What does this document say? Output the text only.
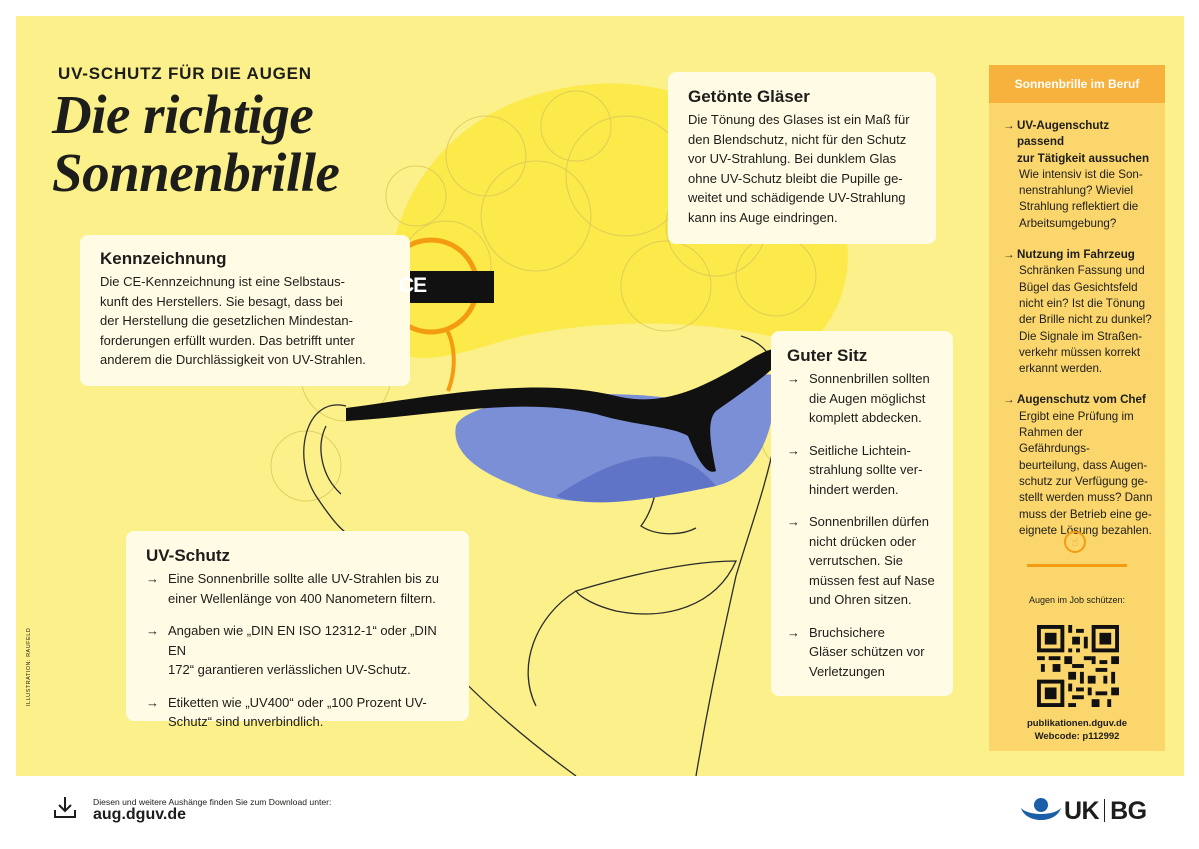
UV-SCHUTZ FÜR DIE AUGEN

Die richtige
Sonnenbrille
Getönte Gläser

Die Tönung des Glases ist ein Maß für
den Blendschutz, nicht für den Schutz
vor UV-Strahlung. Bei dunklem Glas
ohne UV-Schutz bleibt die Pupille ge-
weitet und schädigende UV-Strahlung
kann ins Auge eindringen.

Kennzeichnung

Die CE-Kennzeichnung ist eine Selbstaus-
kunft des Herstellers. Sie besagt, dass bei
der Herstellung die gesetzlichen Mindestan-
forderungen erfüllt wurden. Das betrifft unter
anderem die Durchlässigkeit von UV-Strahlen.	Guter Sitz
→ Sonnenbrillen sollten
die Augen möglichst
komplett abdecken.
→ Seitliche Lichtein-
strahlung sollte ver-
hindert werden.
→ Sonnenbrillen dürfen
nicht drücken oder
verrutschen. Sie
müssen fest auf Nase
und Ohren sitzen.
→ Bruchsichere
Gläser schützen vor
Verletzungen
UV-Schutz
→ Eine Sonnenbrille sollte alle UV-Strahlen bis zu
einer Wellenlänge von 400 Nanometern filtern.
→ Angaben wie „DIN EN ISO 12312-1“ oder „DIN EN
172“ garantieren verlässlichen UV-Schutz.
→ Etiketten wie „UV400“ oder „100 Prozent UV-
Schutz“ sind unverbindlich.
Sonnenbrille im Beruf
→ UV-Augenschutz passend
zur Tätigkeit aussuchen
Wie intensiv ist die Son-
nenstrahlung? Wieviel
Strahlung reflektiert die
Arbeitsumgebung?
→ Nutzung im Fahrzeug
Schränken Fassung und
Bügel das Gesichtsfeld
nicht ein? Ist die Tönung
der Brille nicht zu dunkel?
Die Signale im Straßen-
verkehr müssen korrekt
erkannt werden.
→ Augenschutz vom Chef
Ergibt eine Prüfung im
Rahmen der Gefährdungs-
beurteilung, dass Augen-
schutz zur Verfügung ge-
stellt werden muss? Dann
muss der Betrieb eine ge-
eignete Lösung bezahlen.
☝
Augen im Job schützen:
publikationen.dguv.de
Webcode: p112992
ILLUSTRATION: RAUFELD
CE
Diesen und weitere Aushänge finden Sie zum Download unter:
aug.dguv.de	UK BG
